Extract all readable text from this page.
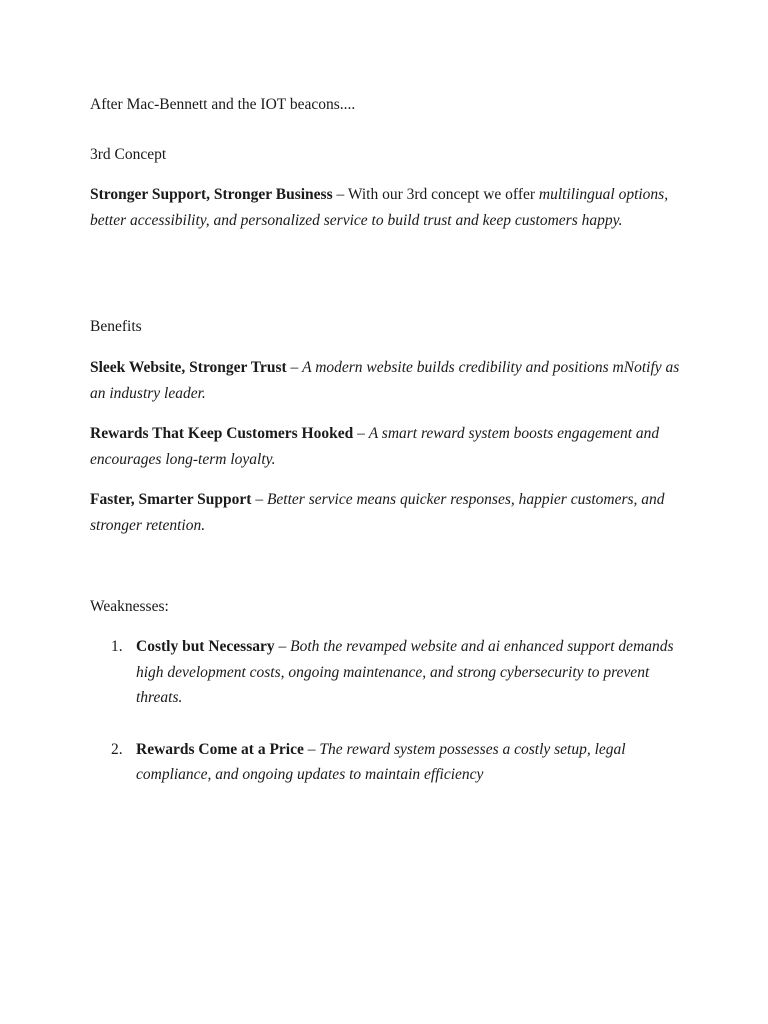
After Mac-Bennett and the IOT beacons....

3rd Concept

Stronger Support, Stronger Business – With our 3rd concept we offer multilingual options, better accessibility, and personalized service to build trust and keep customers happy.

Benefits

Sleek Website, Stronger Trust – A modern website builds credibility and positions mNotify as an industry leader.

Rewards That Keep Customers Hooked – A smart reward system boosts engagement and encourages long-term loyalty.

Faster, Smarter Support – Better service means quicker responses, happier customers, and stronger retention.

Weaknesses:

1. Costly but Necessary – Both the revamped website and ai enhanced support demands high development costs, ongoing maintenance, and strong cybersecurity to prevent threats.
2. Rewards Come at a Price – The reward system possesses a costly setup, legal compliance, and ongoing updates to maintain efficiency
